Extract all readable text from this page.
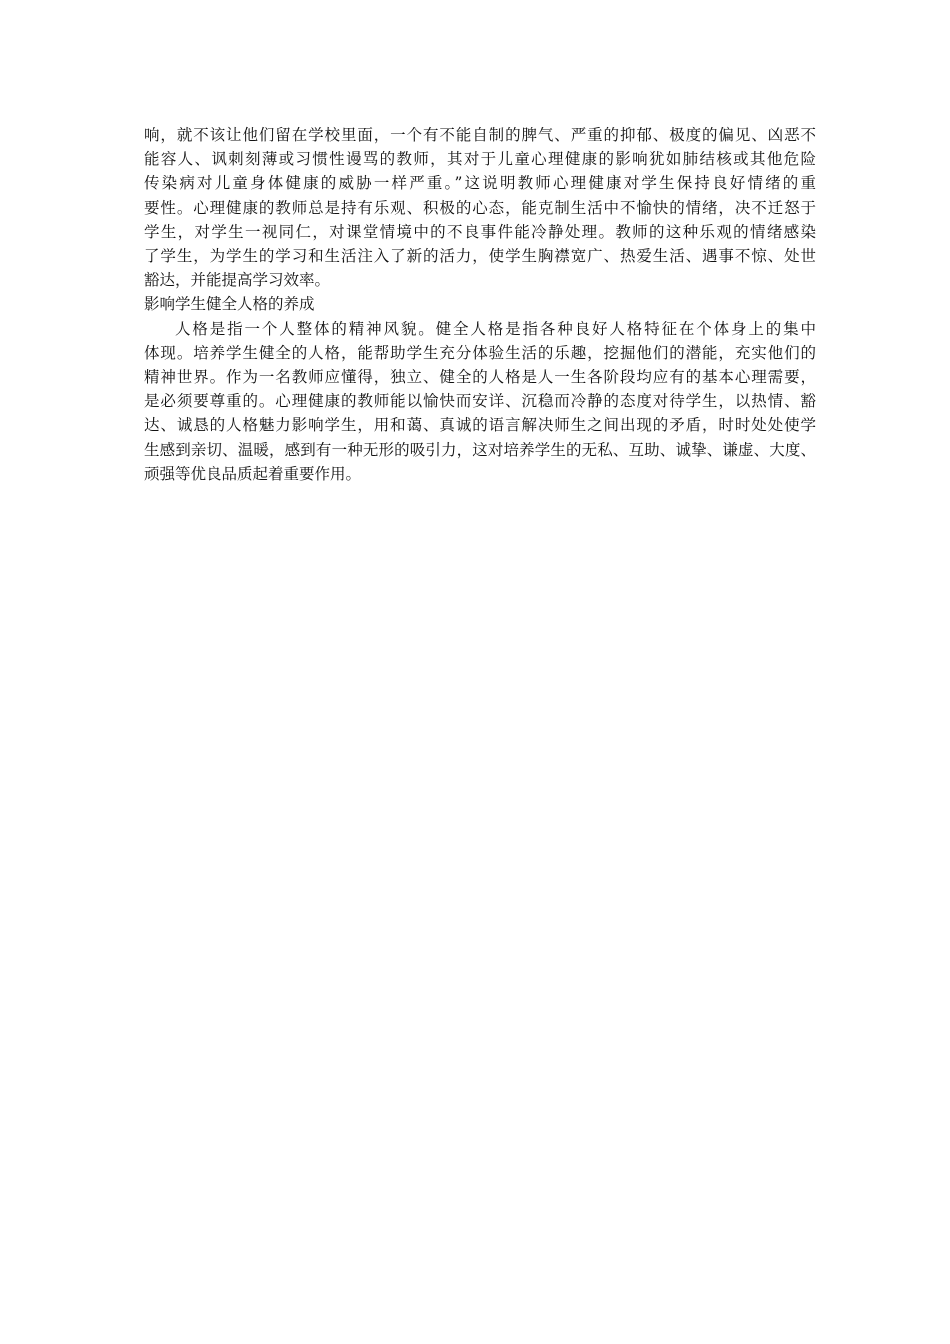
响，就不该让他们留在学校里面，一个有不能自制的脾气、严重的抑郁、极度的偏见、凶恶不
能容人、讽刺刻薄或习惯性谩骂的教师，其对于儿童心理健康的影响犹如肺结核或其他危险
传染病对儿童身体健康的威胁一样严重。”这说明教师心理健康对学生保持良好情绪的重
要性。心理健康的教师总是持有乐观、积极的心态，能克制生活中不愉快的情绪，决不迁怒于
学生，对学生一视同仁，对课堂情境中的不良事件能冷静处理。教师的这种乐观的情绪感染
了学生，为学生的学习和生活注入了新的活力，使学生胸襟宽广、热爱生活、遇事不惊、处世
豁达，并能提高学习效率。

影响学生健全人格的养成

人格是指一个人整体的精神风貌。健全人格是指各种良好人格特征在个体身上的集中
体现。培养学生健全的人格，能帮助学生充分体验生活的乐趣，挖掘他们的潜能，充实他们的
精神世界。作为一名教师应懂得，独立、健全的人格是人一生各阶段均应有的基本心理需要，
是必须要尊重的。心理健康的教师能以愉快而安详、沉稳而冷静的态度对待学生，以热情、豁
达、诚恳的人格魅力影响学生，用和蔼、真诚的语言解决师生之间出现的矛盾，时时处处使学
生感到亲切、温暖，感到有一种无形的吸引力，这对培养学生的无私、互助、诚挚、谦虚、大度、
顽强等优良品质起着重要作用。
